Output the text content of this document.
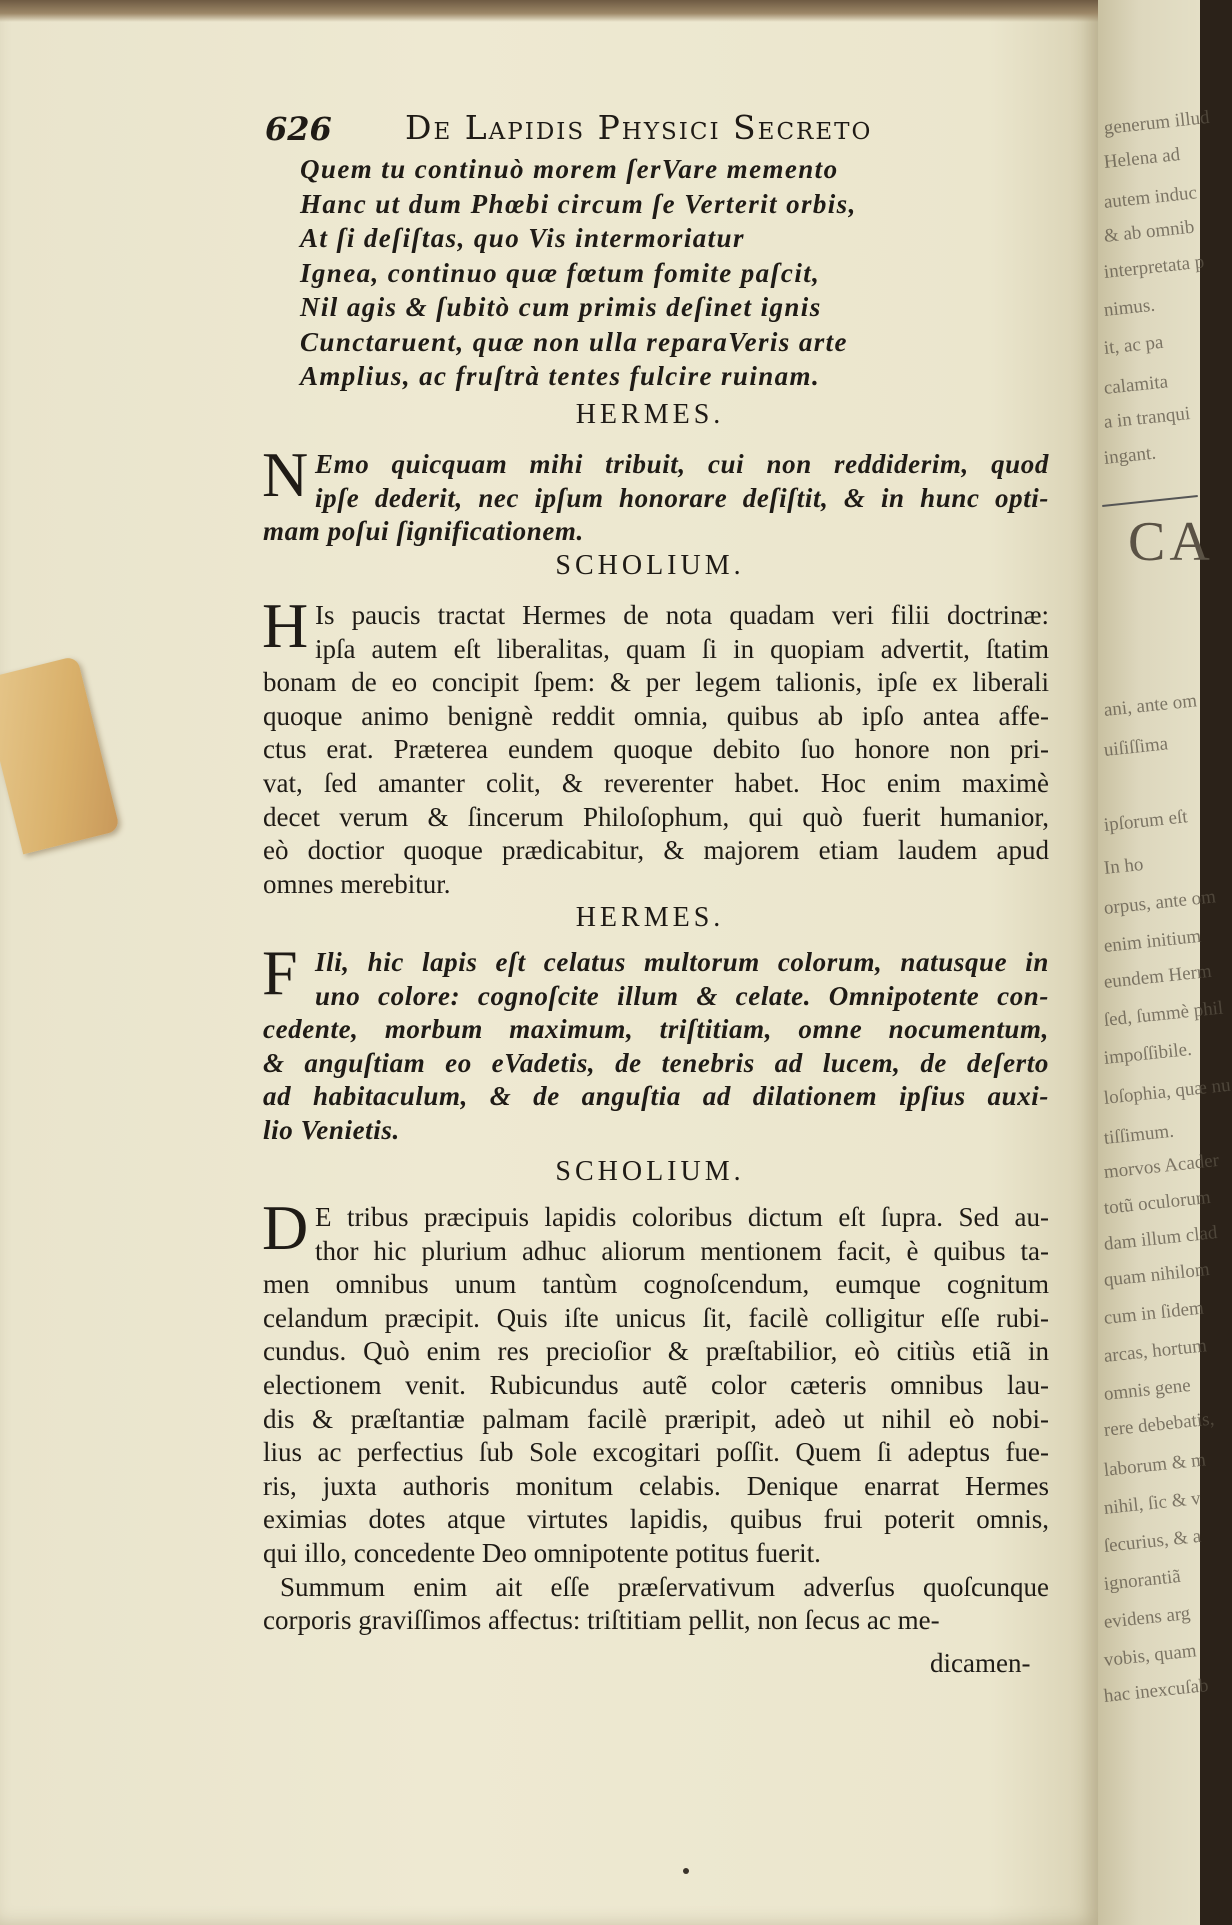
generum illud
Helena ad
autem induc
& ab omnib
interpretata p
nimus.
it, ac pa
calamita
a in tranqui
ingant.
CA
ani, ante om
uiſiſſima
ipſorum eſt
In ho
orpus, ante om
enim initium
eundem Herm
ſed, ſummè phil
impoſſibile.
loſophia, quæ nu
tiſſimum.
morvos Acader
totũ oculorum
dam illum clad
quam nihilom
cum in ſidem
arcas, hortum
omnis gene
rere debebatis,
laborum & m
nihil, ſic & v
ſecurius, & a
ignorantiã
evidens arg
vobis, quam
hac inexcuſab
626 De Lapidis Physici Secreto
Quem tu continuò morem ſerVare memento
Hanc ut dum Phœbi circum ſe Verterit orbis,
At ſi deſiſtas, quo Vis intermoriatur
Ignea, continuo quæ fœtum fomite paſcit,
Nil agis & ſubitò cum primis deſinet ignis
Cunctaruent, quæ non ulla reparaVeris arte
Amplius, ac fruſtrà tentes fulcire ruinam.
HERMES.
N Emo quicquam mihi tribuit, cui non reddiderim, quod
ipſe dederit, nec ipſum honorare deſiſtit, & in hunc opti-
mam poſui ſignificationem.
SCHOLIUM.
H Is paucis tractat Hermes de nota quadam veri filii doctrinæ:
ipſa autem eſt liberalitas, quam ſi in quopiam advertit, ſtatim
bonam de eo concipit ſpem: & per legem talionis, ipſe ex liberali
quoque animo benignè reddit omnia, quibus ab ipſo antea affe-
ctus erat. Præterea eundem quoque debito ſuo honore non pri-
vat, ſed amanter colit, & reverenter habet. Hoc enim maximè
decet verum & ſincerum Philoſophum, qui quò fuerit humanior,
eò doctior quoque prædicabitur, & majorem etiam laudem apud
omnes merebitur.
HERMES.
F Ili, hic lapis eſt celatus multorum colorum, natusque in
uno colore: cognoſcite illum & celate. Omnipotente con-
cedente, morbum maximum, triſtitiam, omne nocumentum,
& anguſtiam eo eVadetis, de tenebris ad lucem, de deſerto
ad habitaculum, & de anguſtia ad dilationem ipſius auxi-
lio Venietis.
SCHOLIUM.
D E tribus præcipuis lapidis coloribus dictum eſt ſupra. Sed au-
thor hic plurium adhuc aliorum mentionem facit, è quibus ta-
men omnibus unum tantùm cognoſcendum, eumque cognitum
celandum præcipit. Quis iſte unicus ſit, facilè colligitur eſſe rubi-
cundus. Quò enim res precioſior & præſtabilior, eò citiùs etiã in
electionem venit. Rubicundus autẽ color cæteris omnibus lau-
dis & præſtantiæ palmam facilè præripit, adeò ut nihil eò nobi-
lius ac perfectius ſub Sole excogitari poſſit. Quem ſi adeptus fue-
ris, juxta authoris monitum celabis. Denique enarrat Hermes
eximias dotes atque virtutes lapidis, quibus frui poterit omnis,
qui illo, concedente Deo omnipotente potitus fuerit.
Summum enim ait eſſe præſervativum adverſus quoſcunque
corporis graviſſimos affectus: triſtitiam pellit, non ſecus ac me-
dicamen-
